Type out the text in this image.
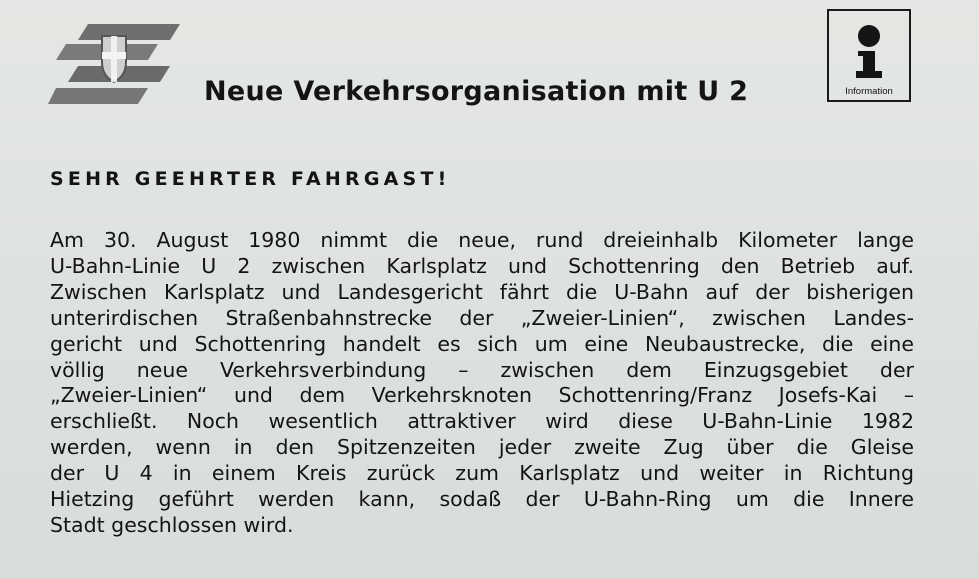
Neue Verkehrsorganisation mit U 2	Information
SEHR GEEHRTER FAHRGAST!
Am 30. August 1980 nimmt die neue, rund dreieinhalb Kilometer lange
U-Bahn-Linie U 2 zwischen Karlsplatz und Schottenring den Betrieb auf.
Zwischen Karlsplatz und Landesgericht fährt die U-Bahn auf der bisherigen
unterirdischen Straßenbahnstrecke der „Zweier-Linien“, zwischen Landes-
gericht und Schottenring handelt es sich um eine Neubaustrecke, die eine
völlig neue Verkehrsverbindung – zwischen dem Einzugsgebiet der
„Zweier-Linien“ und dem Verkehrsknoten Schottenring/Franz Josefs-Kai –
erschließt. Noch wesentlich attraktiver wird diese U-Bahn-Linie 1982
werden, wenn in den Spitzenzeiten jeder zweite Zug über die Gleise
der U 4 in einem Kreis zurück zum Karlsplatz und weiter in Richtung
Hietzing geführt werden kann, sodaß der U-Bahn-Ring um die Innere
Stadt geschlossen wird.
